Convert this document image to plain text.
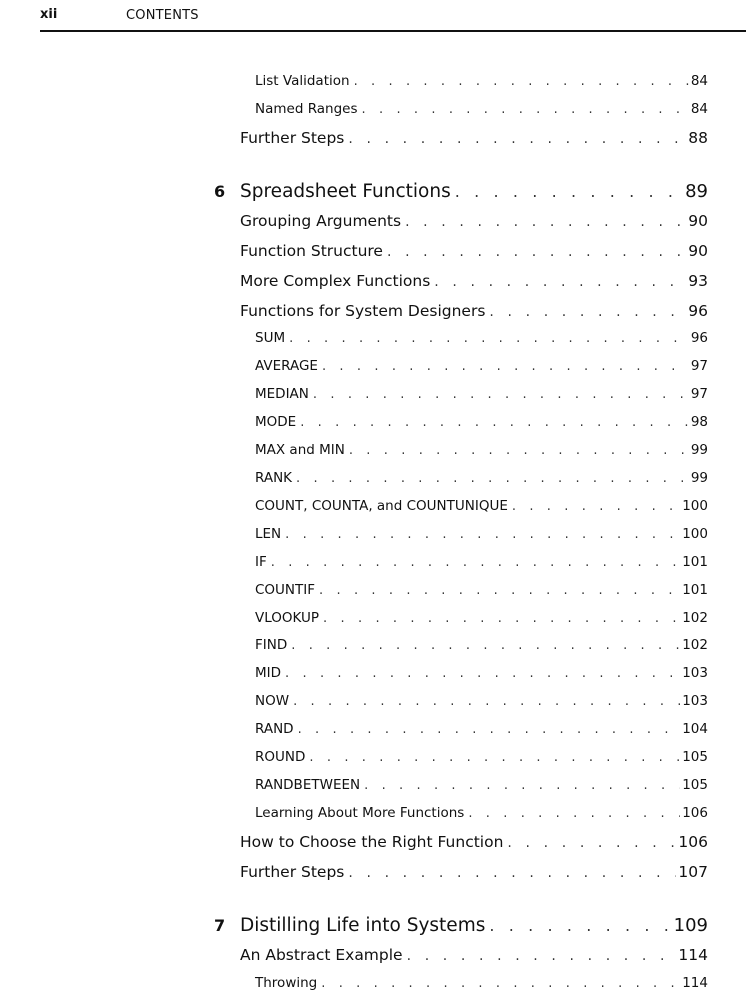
xii	CONTENTS
List Validation . . .	84
Named Ranges . . .	84
Further Steps . . .	88
6 Spreadsheet Functions . . .	89
Grouping Arguments . . .	90
Function Structure . . .	90
More Complex Functions . . .	93
Functions for System Designers . . .	96
SUM . . .	96
AVERAGE . . .	97
MEDIAN . . .	97
MODE . . .	98
MAX and MIN . . .	99
RANK . . .	99
COUNT, COUNTA, and COUNTUNIQUE . . .	100
LEN . . .	100
IF . . .	101
COUNTIF . . .	101
VLOOKUP . . .	102
FIND . . .	102
MID . . .	103
NOW . . .	103
RAND . . .	104
ROUND . . .	105
RANDBETWEEN . . .	105
Learning About More Functions . . .	106
How to Choose the Right Function . . .	106
Further Steps . . .	107
7 Distilling Life into Systems . . .	109
An Abstract Example . . .	114
Throwing . . .	114
